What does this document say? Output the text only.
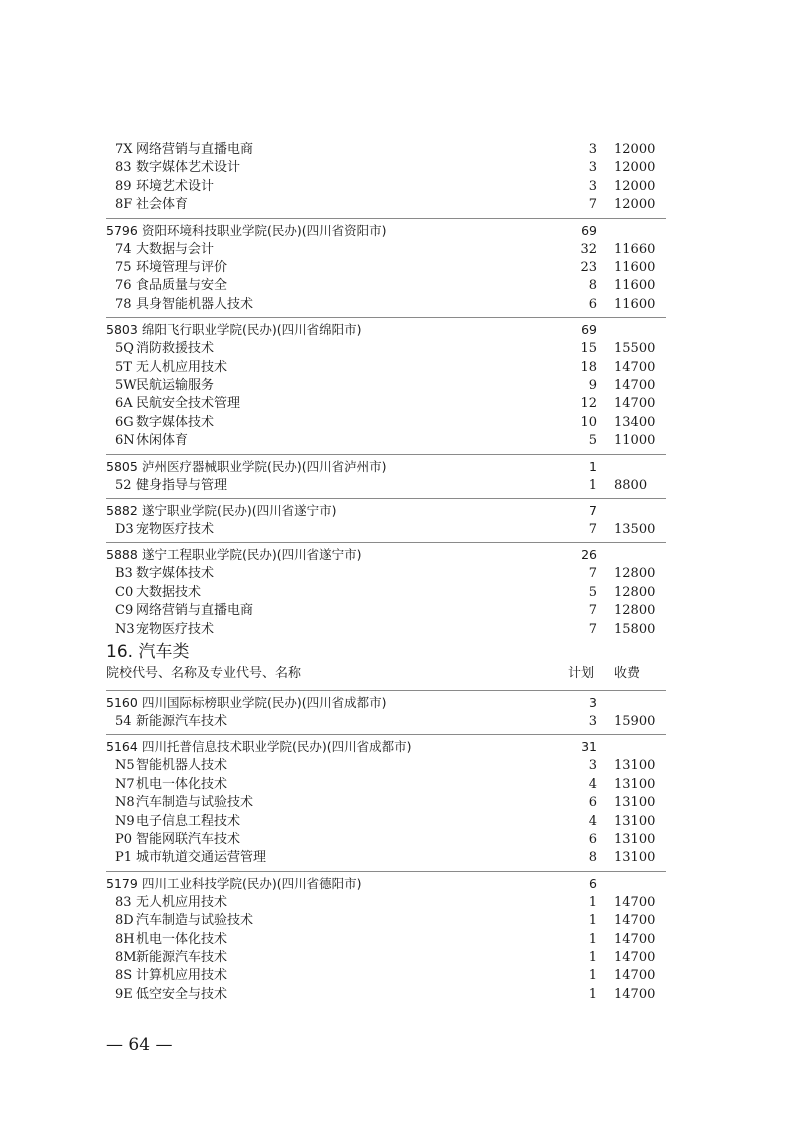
7X 网络营销与直播电商	3 12000
83 数字媒体艺术设计	3 12000
89 环境艺术设计	3 12000
8F 社会体育	7 12000
5796 资阳环境科技职业学院(民办)(四川省资阳市)	69
74 大数据与会计	32 11660
75 环境管理与评价	23 11600
76 食品质量与安全	8 11600
78 具身智能机器人技术	6 11600
5803 绵阳飞行职业学院(民办)(四川省绵阳市)	69
5Q 消防救援技术	15 15500
5T 无人机应用技术	18 14700
5W 民航运输服务	9 14700
6A 民航安全技术管理	12 14700
6G 数字媒体技术	10 13400
6N 休闲体育	5 11000
5805 泸州医疗器械职业学院(民办)(四川省泸州市)	1
52 健身指导与管理	1 8800
5882 遂宁职业学院(民办)(四川省遂宁市)	7
D3 宠物医疗技术	7 13500
5888 遂宁工程职业学院(民办)(四川省遂宁市)	26
B3 数字媒体技术	7 12800
C0 大数据技术	5 12800
C9 网络营销与直播电商	7 12800
N3 宠物医疗技术	7 15800
16. 汽车类
院校代号、名称及专业代号、名称	计划 收费
5160 四川国际标榜职业学院(民办)(四川省成都市)	3
54 新能源汽车技术	3 15900
5164 四川托普信息技术职业学院(民办)(四川省成都市)	31
N5 智能机器人技术	3 13100
N7 机电一体化技术	4 13100
N8 汽车制造与试验技术	6 13100
N9 电子信息工程技术	4 13100
P0 智能网联汽车技术	6 13100
P1 城市轨道交通运营管理	8 13100
5179 四川工业科技学院(民办)(四川省德阳市)	6
83 无人机应用技术	1 14700
8D 汽车制造与试验技术	1 14700
8H 机电一体化技术	1 14700
8M 新能源汽车技术	1 14700
8S 计算机应用技术	1 14700
9E 低空安全与技术	1 14700
— 64 —
